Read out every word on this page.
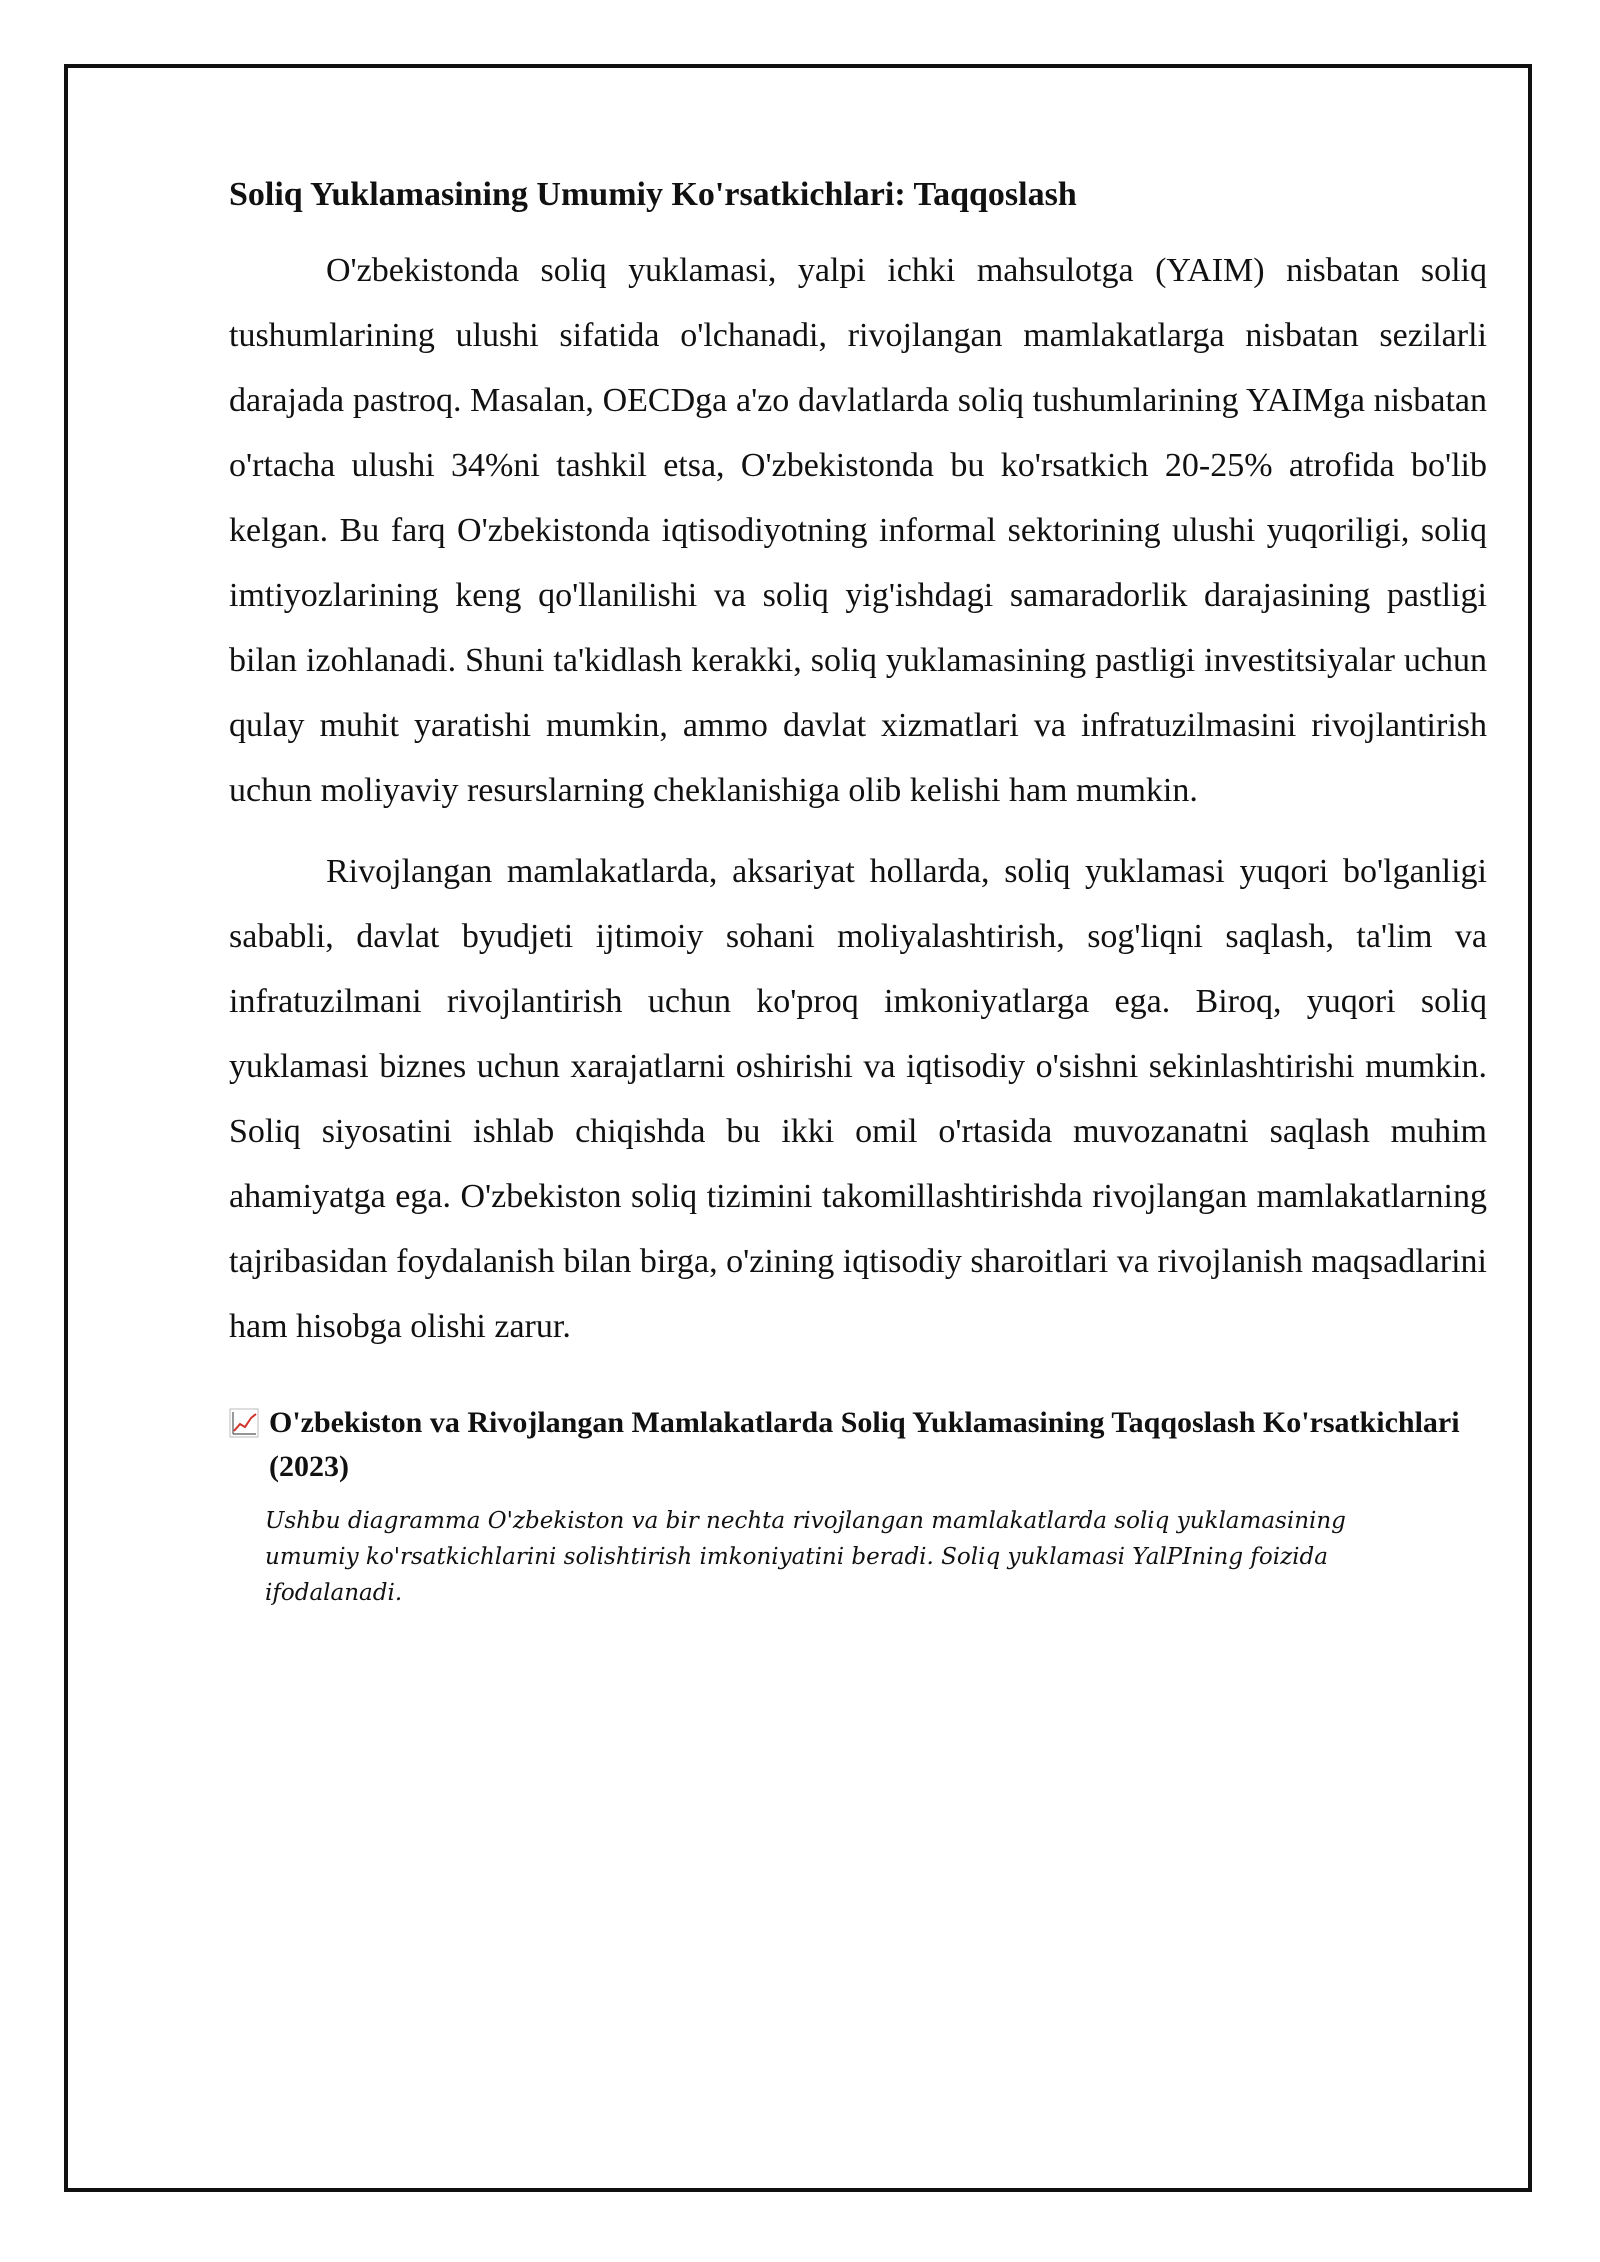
Soliq Yuklamasining Umumiy Ko'rsatkichlari: Taqqoslash

O'zbekistonda soliq yuklamasi, yalpi ichki mahsulotga (YAIM) nisbatan soliq tushumlarining ulushi sifatida o'lchanadi, rivojlangan mamlakatlarga nisbatan sezilarli darajada pastroq. Masalan, OECDga a'zo davlatlarda soliq tushumlarining YAIMga nisbatan o'rtacha ulushi 34%ni tashkil etsa, O'zbekistonda bu ko'rsatkich 20-25% atrofida bo'lib kelgan. Bu farq O'zbekistonda iqtisodiyotning informal sektorining ulushi yuqoriligi, soliq imtiyozlarining keng qo'llanilishi va soliq yig'ishdagi samaradorlik darajasining pastligi bilan izohlanadi. Shuni ta'kidlash kerakki, soliq yuklamasining pastligi investitsiyalar uchun qulay muhit yaratishi mumkin, ammo davlat xizmatlari va infratuzilmasini rivojlantirish uchun moliyaviy resurslarning cheklanishiga olib kelishi ham mumkin.

Rivojlangan mamlakatlarda, aksariyat hollarda, soliq yuklamasi yuqori bo'lganligi sababli, davlat byudjeti ijtimoiy sohani moliyalashtirish, sog'liqni saqlash, ta'lim va infratuzilmani rivojlantirish uchun ko'proq imkoniyatlarga ega. Biroq, yuqori soliq yuklamasi biznes uchun xarajatlarni oshirishi va iqtisodiy o'sishni sekinlashtirishi mumkin. Soliq siyosatini ishlab chiqishda bu ikki omil o'rtasida muvozanatni saqlash muhim ahamiyatga ega. O'zbekiston soliq tizimini takomillashtirishda rivojlangan mamlakatlarning tajribasidan foydalanish bilan birga, o'zining iqtisodiy sharoitlari va rivojlanish maqsadlarini ham hisobga olishi zarur.

O'zbekiston va Rivojlangan Mamlakatlarda Soliq Yuklamasining Taqqoslash Ko'rsatkichlari (2023)

Ushbu diagramma O'zbekiston va bir nechta rivojlangan mamlakatlarda soliq yuklamasining umumiy ko'rsatkichlarini solishtirish imkoniyatini beradi. Soliq yuklamasi YalPIning foizida ifodalanadi.
